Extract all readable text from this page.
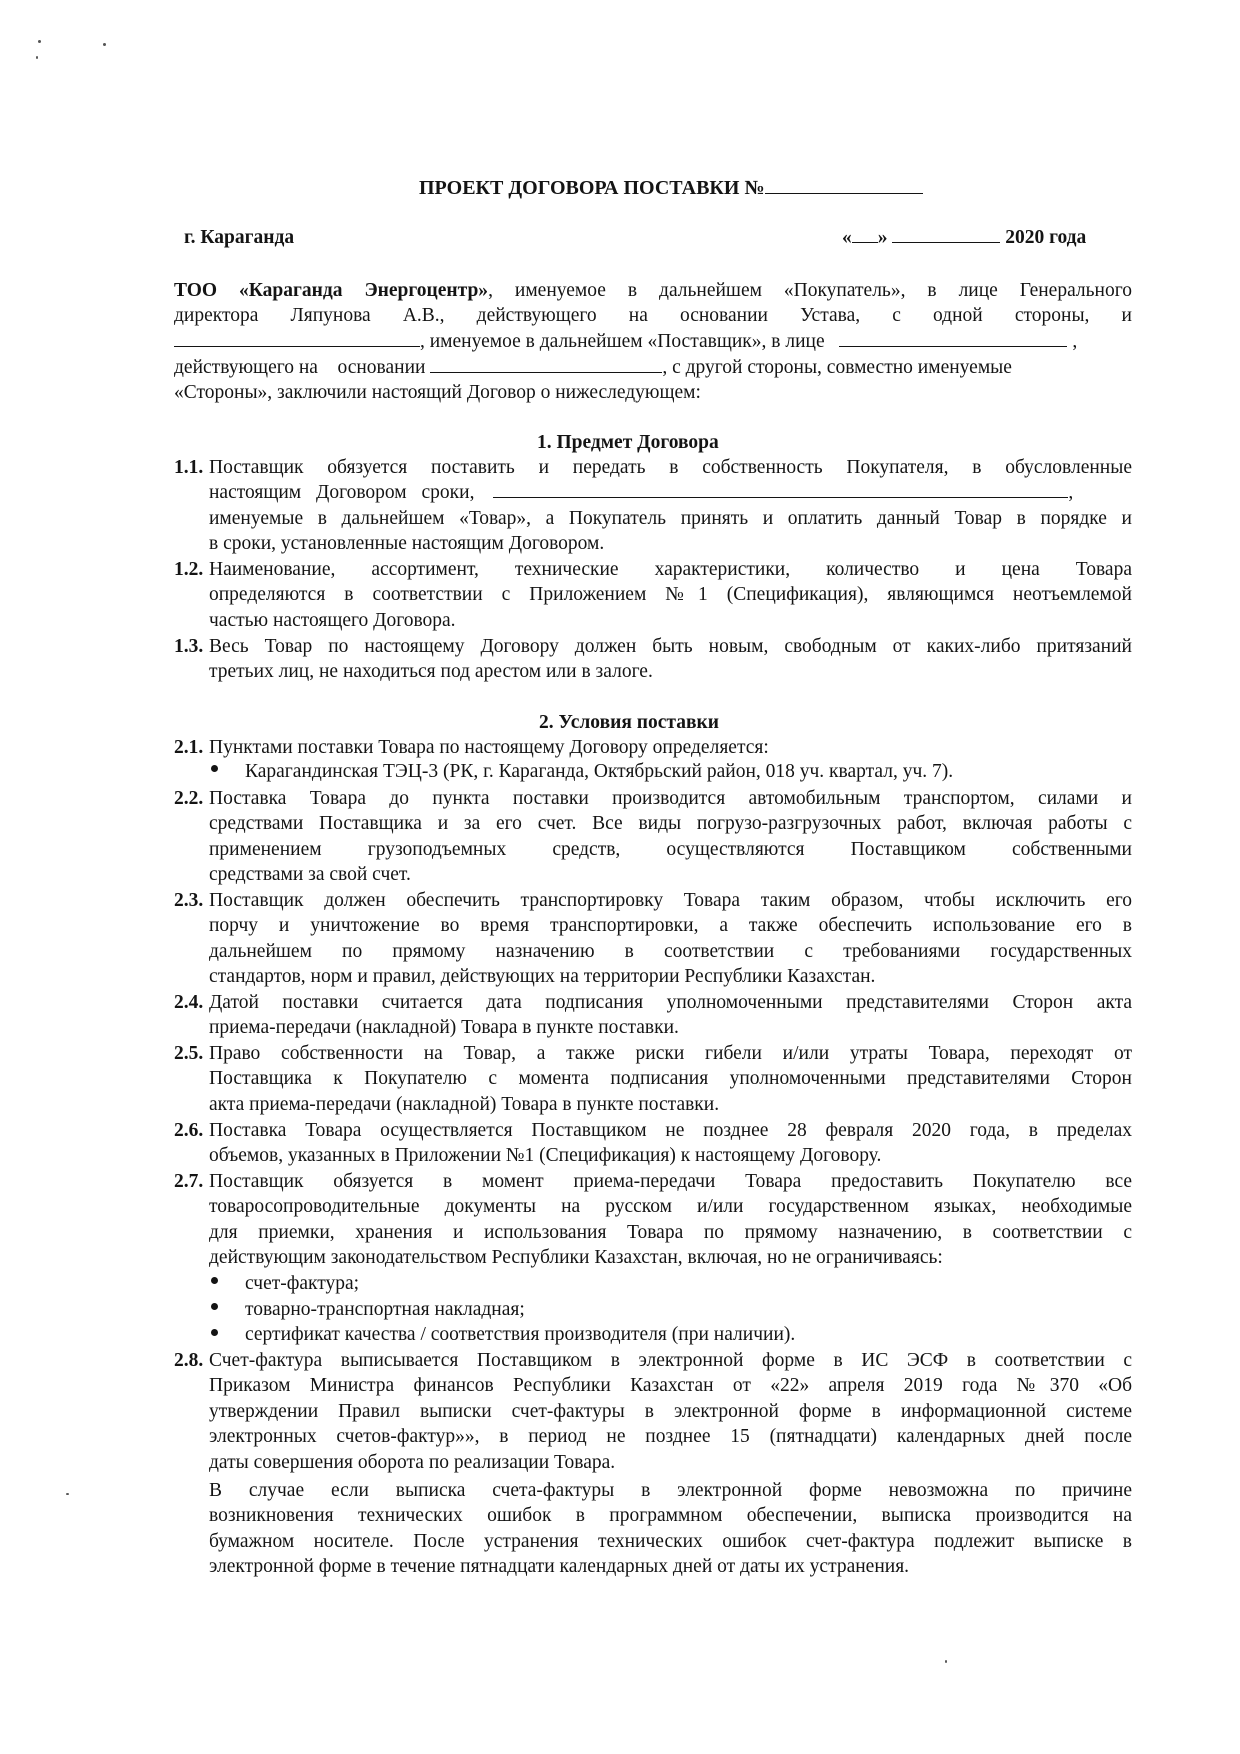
ПРОЕКТ ДОГОВОРА ПОСТАВКИ №
г. Караганда	« »	2020 года
ТОО «Караганда Энергоцентр», именуемое в дальнейшем «Покупатель», в лице Генерального
директора Ляпунова А.В., действующего на основании Устава, с одной стороны, и
, именуемое в дальнейшем «Поставщик», в лице	,
действующего на основании	, с другой стороны, совместно именуемые
«Стороны», заключили настоящий Договор о нижеследующем:
1. Предмет Договора
1.1. Поставщик обязуется поставить и передать в собственность Покупателя, в обусловленные
настоящим Договором сроки,	,
именуемые в дальнейшем «Товар», а Покупатель принять и оплатить данный Товар в порядке и
в сроки, установленные настоящим Договором.
1.2. Наименование, ассортимент, технические характеристики, количество и цена Товара
определяются в соответствии с Приложением №1 (Спецификация), являющимся неотъемлемой
частью настоящего Договора.
1.3. Весь Товар по настоящему Договору должен быть новым, свободным от каких-либо притязаний
третьих лиц, не находиться под арестом или в залоге.
2. Условия поставки
2.1. Пунктами поставки Товара по настоящему Договору определяется:
Карагандинская ТЭЦ-3 (РК, г. Караганда, Октябрьский район, 018 уч. квартал, уч. 7).
2.2. Поставка Товара до пункта поставки производится автомобильным транспортом, силами и
средствами Поставщика и за его счет. Все виды погрузо-разгрузочных работ, включая работы с
применением грузоподъемных средств, осуществляются Поставщиком собственными
средствами за свой счет.
2.3. Поставщик должен обеспечить транспортировку Товара таким образом, чтобы исключить его
порчу и уничтожение во время транспортировки, а также обеспечить использование его в
дальнейшем по прямому назначению в соответствии с требованиями государственных
стандартов, норм и правил, действующих на территории Республики Казахстан.
2.4. Датой поставки считается дата подписания уполномоченными представителями Сторон акта
приема-передачи (накладной) Товара в пункте поставки.
2.5. Право собственности на Товар, а также риски гибели и/или утраты Товара, переходят от
Поставщика к Покупателю с момента подписания уполномоченными представителями Сторон
акта приема-передачи (накладной) Товара в пункте поставки.
2.6. Поставка Товара осуществляется Поставщиком не позднее 28 февраля 2020 года, в пределах
объемов, указанных в Приложении №1 (Спецификация) к настоящему Договору.
2.7. Поставщик обязуется в момент приема-передачи Товара предоставить Покупателю все
товаросопроводительные документы на русском и/или государственном языках, необходимые
для приемки, хранения и использования Товара по прямому назначению, в соответствии с
действующим законодательством Республики Казахстан, включая, но не ограничиваясь:
счет-фактура;
товарно-транспортная накладная;
сертификат качества / соответствия производителя (при наличии).
2.8. Счет-фактура выписывается Поставщиком в электронной форме в ИС ЭСФ в соответствии с
Приказом Министра финансов Республики Казахстан от «22» апреля 2019 года №370 «Об
утверждении Правил выписки счет-фактуры в электронной форме в информационной системе
электронных счетов-фактур»», в период не позднее 15 (пятнадцати) календарных дней после
даты совершения оборота по реализации Товара.
В случае если выписка счета-фактуры в электронной форме невозможна по причине
возникновения технических ошибок в программном обеспечении, выписка производится на
бумажном носителе. После устранения технических ошибок счет-фактура подлежит выписке в
электронной форме в течение пятнадцати календарных дней от даты их устранения.
